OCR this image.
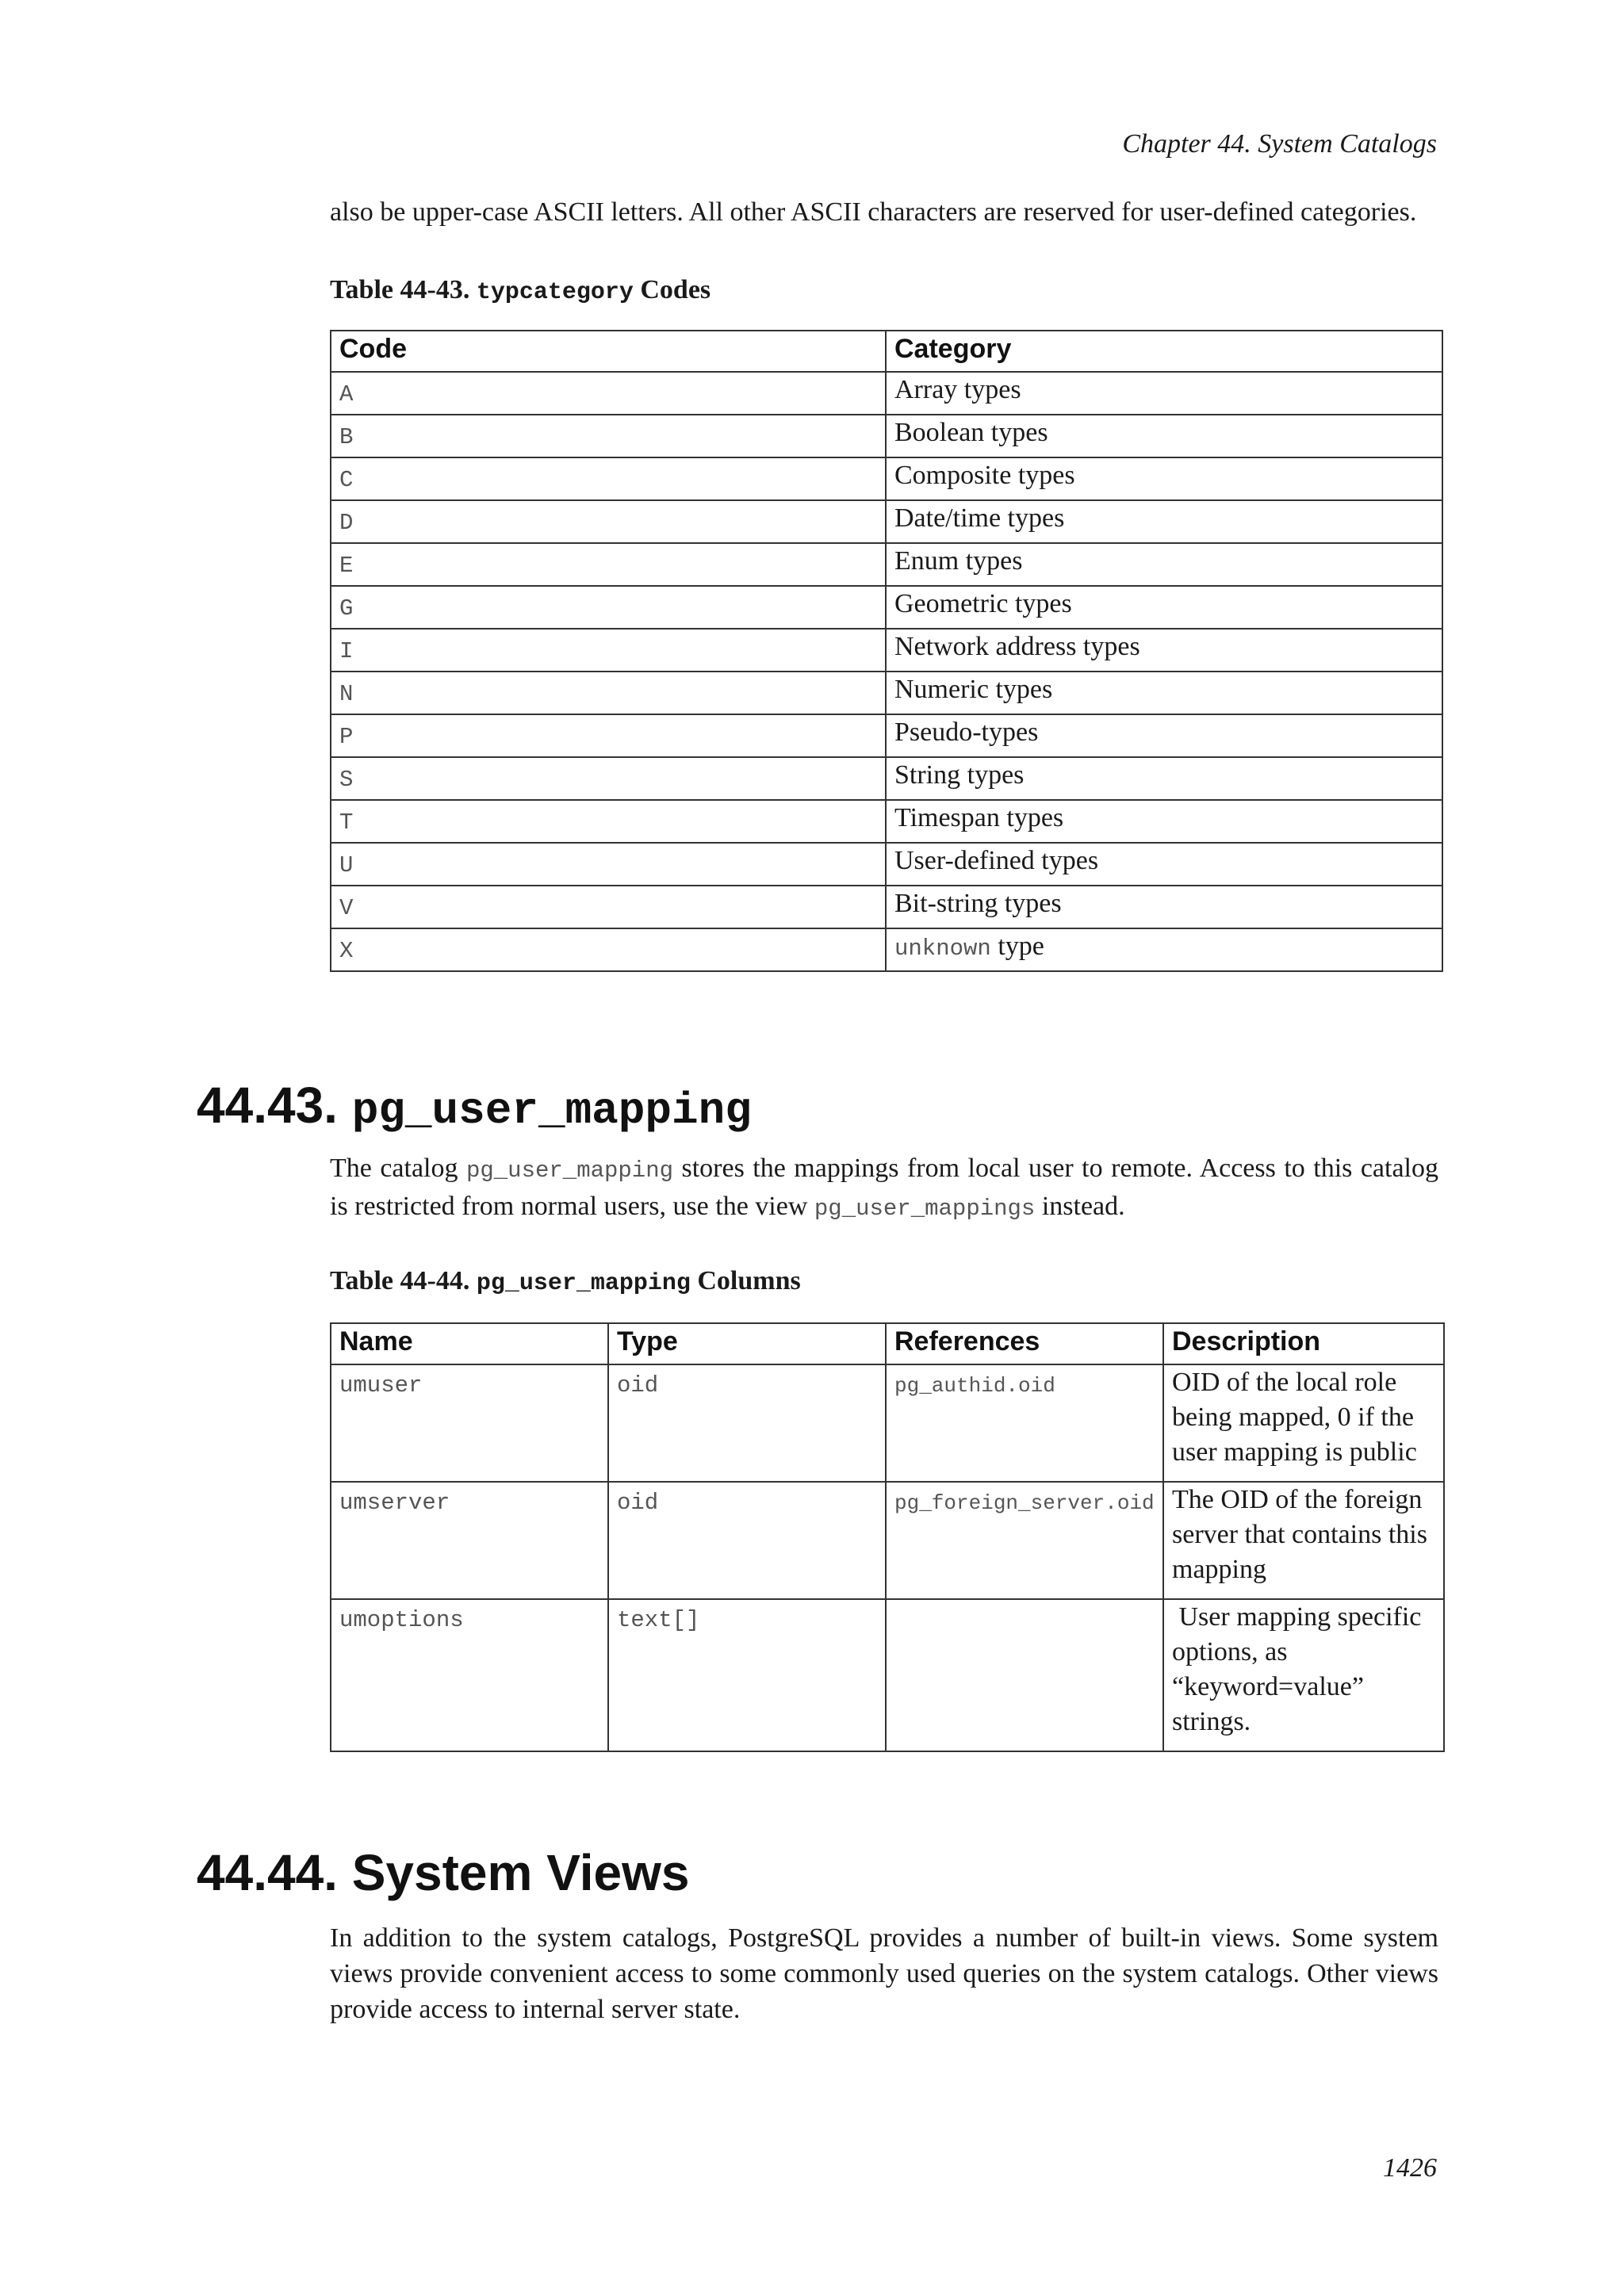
Chapter 44. System Catalogs
also be upper-case ASCII letters. All other ASCII characters are reserved for user-defined categories.
Table 44-43. typcategory Codes
Code	Category
A	Array types
B	Boolean types
C	Composite types
D	Date/time types
E	Enum types
G	Geometric types
I	Network address types
N	Numeric types
P	Pseudo-types
S	String types
T	Timespan types
U	User-defined types
V	Bit-string types
X	unknown type
44.43. pg_user_mapping
The catalog pg_user_mapping stores the mappings from local user to remote. Access to this catalog is restricted from normal users, use the view pg_user_mappings instead.
Table 44-44. pg_user_mapping Columns
Name	Type	References	Description
umuser	oid	pg_authid.oid	OID of the local role being mapped, 0 if the user mapping is public
umserver	oid	pg_foreign_server.oid	The OID of the foreign server that contains this mapping
umoptions	text[]		User mapping specific options, as “keyword=value” strings.
44.44. System Views
In addition to the system catalogs, PostgreSQL provides a number of built-in views. Some system views provide convenient access to some commonly used queries on the system catalogs. Other views provide access to internal server state.
1426
